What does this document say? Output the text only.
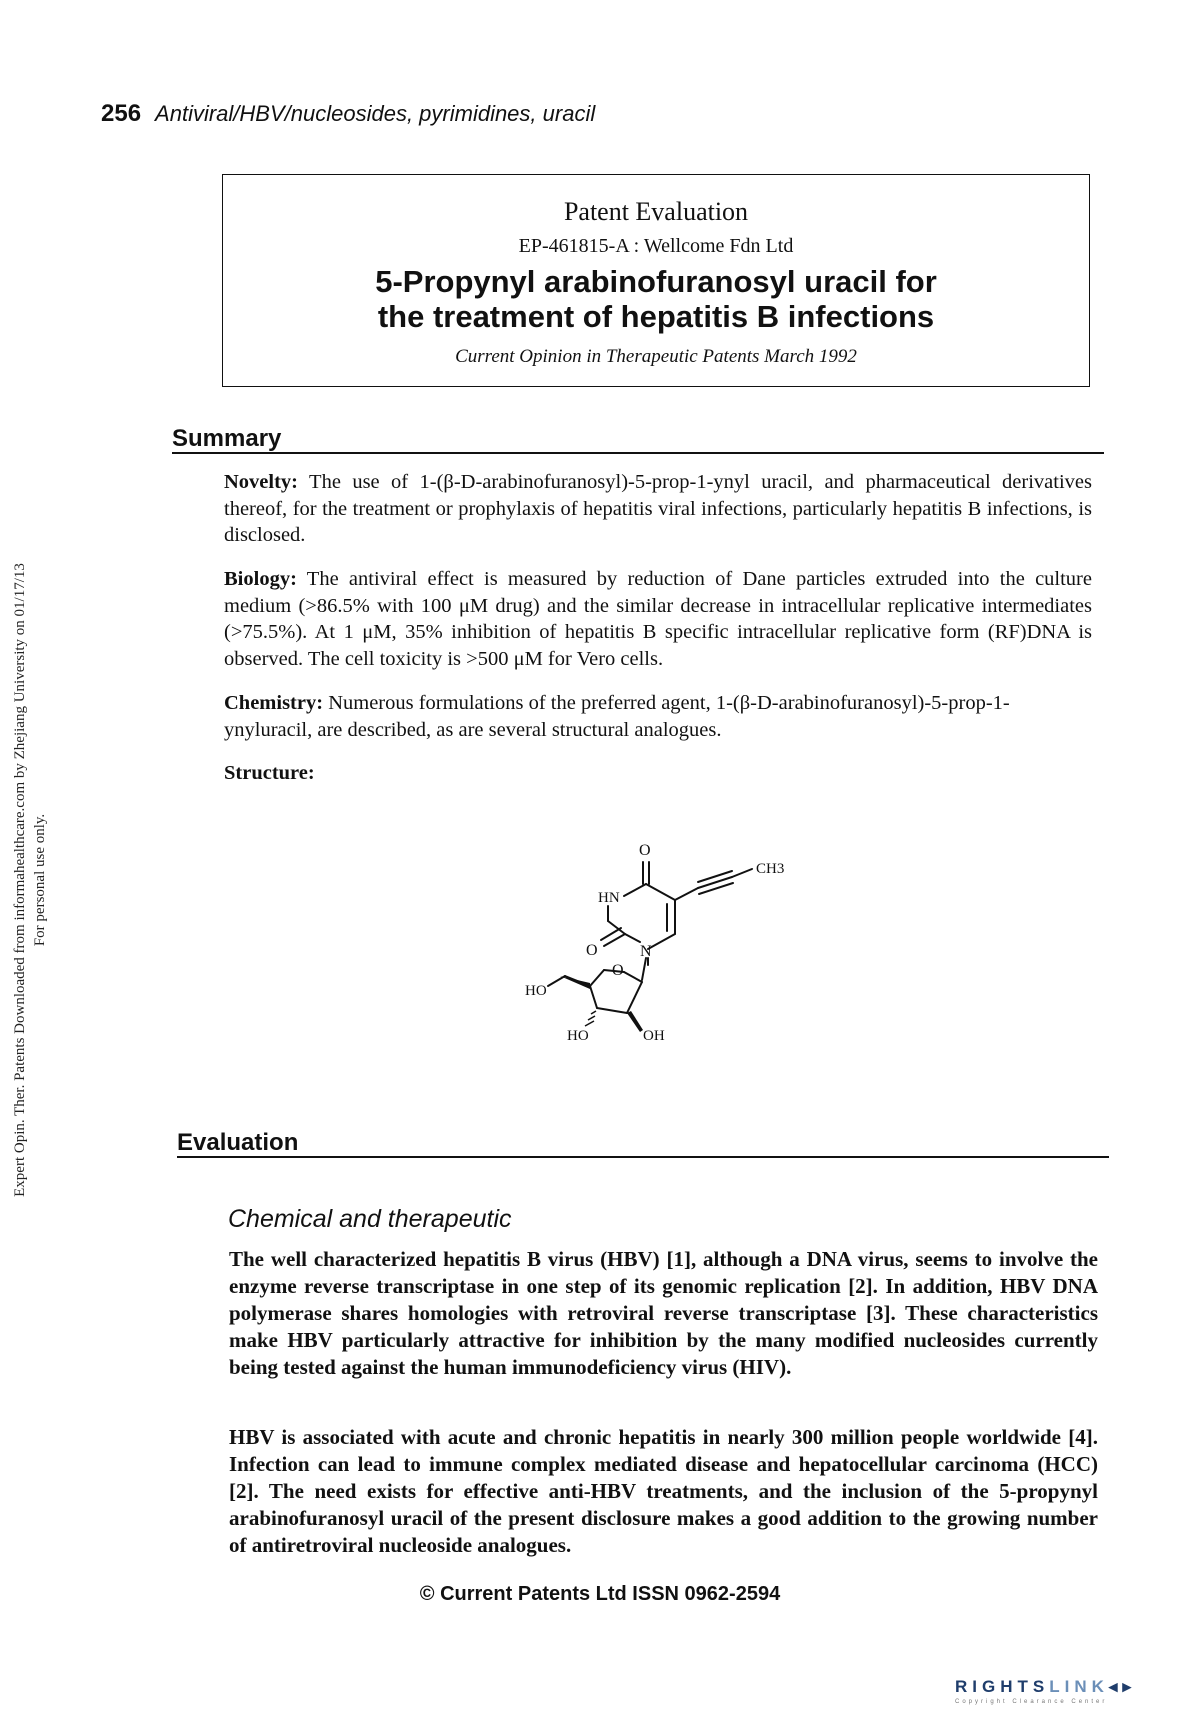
Expert Opin. Ther. Patents Downloaded from informahealthcare.com by Zhejiang University on 01/17/13 For personal use only.
256 Antiviral/HBV/nucleosides, pyrimidines, uracil
Patent Evaluation
EP-461815-A : Wellcome Fdn Ltd
5-Propynyl arabinofuranosyl uracil for
the treatment of hepatitis B infections
Current Opinion in Therapeutic Patents March 1992
Summary
Novelty: The use of 1-(β-D-arabinofuranosyl)-5-prop-1-ynyl uracil, and pharmaceutical derivatives thereof, for the treatment or prophylaxis of hepatitis viral infections, particularly hepatitis B infections, is disclosed.
Biology: The antiviral effect is measured by reduction of Dane particles extruded into the culture medium (>86.5% with 100 μM drug) and the similar decrease in intracellular replicative intermediates (>75.5%). At 1 μM, 35% inhibition of hepatitis B specific intracellular replicative form (RF)DNA is observed. The cell toxicity is >500 μM for Vero cells.
Chemistry: Numerous formulations of the preferred agent, 1-(β-D-arabinofuranosyl)-5-prop-1-ynyluracil, are described, as are several structural analogues.
Structure:
O
CH3
HN
O	N
O
HO
HO	OH
Evaluation
Chemical and therapeutic
The well characterized hepatitis B virus (HBV) [1], although a DNA virus, seems to involve the enzyme reverse transcriptase in one step of its genomic replication [2]. In addition, HBV DNA polymerase shares homologies with retroviral reverse transcriptase [3]. These characteristics make HBV particularly attractive for inhibition by the many modified nucleosides currently being tested against the human immunodeficiency virus (HIV).
HBV is associated with acute and chronic hepatitis in nearly 300 million people worldwide [4]. Infection can lead to immune complex mediated disease and hepatocellular carcinoma (HCC) [2]. The need exists for effective anti-HBV treatments, and the inclusion of the 5-propynyl arabinofuranosyl uracil of the present disclosure makes a good addition to the growing number of antiretroviral nucleoside analogues.
© Current Patents Ltd ISSN 0962-2594
RIGHTSLINK◂▸
Copyright Clearance Center
